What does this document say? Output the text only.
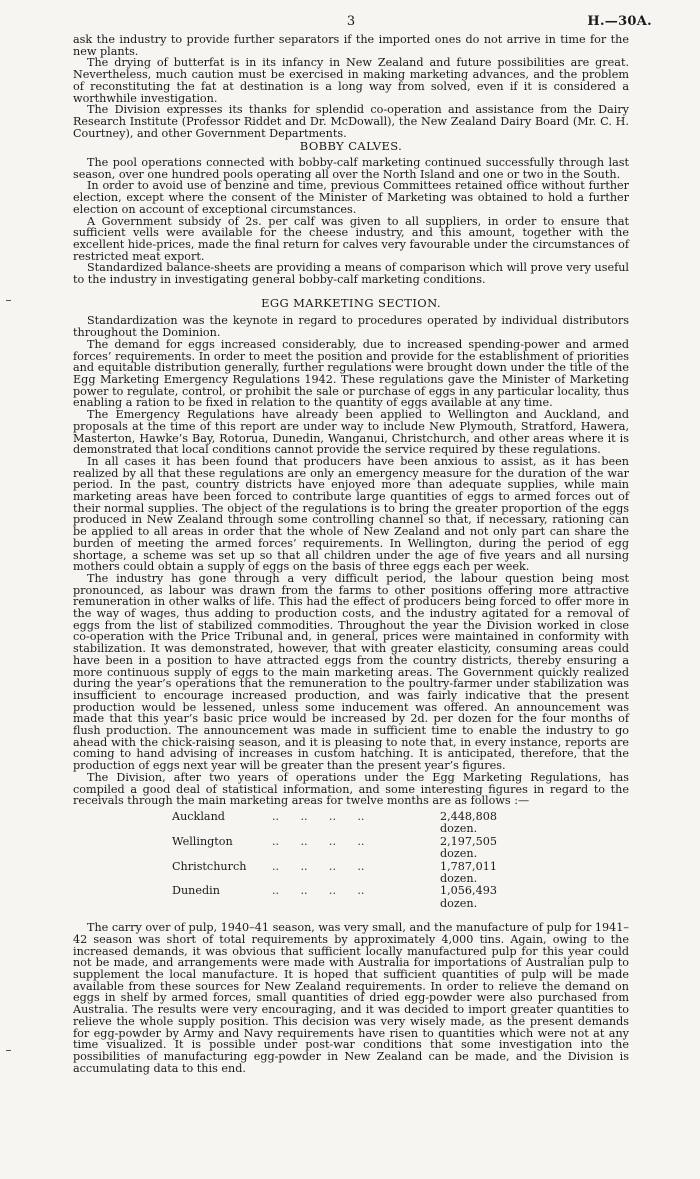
3	H.—30A.

ask the industry to provide further separators if the imported ones do not arrive in time for the new plants.

The drying of butterfat is in its infancy in New Zealand and future possibilities are great. Nevertheless, much caution must be exercised in making marketing advances, and the problem of reconstituting the fat at destination is a long way from solved, even if it is considered a worthwhile investigation.

The Division expresses its thanks for splendid co-operation and assistance from the Dairy Research Institute (Professor Riddet and Dr. McDowall), the New Zealand Dairy Board (Mr. C. H. Courtney), and other Government Departments.

BOBBY CALVES.

The pool operations connected with bobby-calf marketing continued successfully through last season, over one hundred pools operating all over the North Island and one or two in the South.

In order to avoid use of benzine and time, previous Committees retained office without further election, except where the consent of the Minister of Marketing was obtained to hold a further election on account of exceptional circumstances.

A Government subsidy of 2s. per calf was given to all suppliers, in order to ensure that sufficient vells were available for the cheese industry, and this amount, together with the excellent hide-prices, made the final return for calves very favourable under the circumstances of restricted meat export.

Standardized balance-sheets are providing a means of comparison which will prove very useful to the industry in investigating general bobby-calf marketing conditions.

EGG MARKETING SECTION.

Standardization was the keynote in regard to procedures operated by individual distributors throughout the Dominion.

The demand for eggs increased considerably, due to increased spending-power and armed forces’ requirements. In order to meet the position and provide for the establishment of priorities and equitable distribution generally, further regulations were brought down under the title of the Egg Marketing Emergency Regulations 1942. These regulations gave the Minister of Marketing power to regulate, control, or prohibit the sale or purchase of eggs in any particular locality, thus enabling a ration to be fixed in relation to the quantity of eggs available at any time.

The Emergency Regulations have already been applied to Wellington and Auckland, and proposals at the time of this report are under way to include New Plymouth, Stratford, Hawera, Masterton, Hawke’s Bay, Rotorua, Dunedin, Wanganui, Christchurch, and other areas where it is demonstrated that local conditions cannot provide the service required by these regulations.

In all cases it has been found that producers have been anxious to assist, as it has been realized by all that these regulations are only an emergency measure for the duration of the war period. In the past, country districts have enjoyed more than adequate supplies, while main marketing areas have been forced to contribute large quantities of eggs to armed forces out of their normal supplies. The object of the regulations is to bring the greater proportion of the eggs produced in New Zealand through some controlling channel so that, if necessary, rationing can be applied to all areas in order that the whole of New Zealand and not only part can share the burden of meeting the armed forces’ requirements. In Wellington, during the period of egg shortage, a scheme was set up so that all children under the age of five years and all nursing mothers could obtain a supply of eggs on the basis of three eggs each per week.

The industry has gone through a very difficult period, the labour question being most pronounced, as labour was drawn from the farms to other positions offering more attractive remuneration in other walks of life. This had the effect of producers being forced to offer more in the way of wages, thus adding to production costs, and the industry agitated for a removal of eggs from the list of stabilized commodities. Throughout the year the Division worked in close co-operation with the Price Tribunal and, in general, prices were maintained in conformity with stabilization. It was demonstrated, however, that with greater elasticity, consuming areas could have been in a position to have attracted eggs from the country districts, thereby ensuring a more continuous supply of eggs to the main marketing areas. The Government quickly realized during the year’s operations that the remuneration to the poultry-farmer under stabilization was insufficient to encourage increased production, and was fairly indicative that the present production would be lessened, unless some inducement was offered. An announcement was made that this year’s basic price would be increased by 2d. per dozen for the four months of flush production. The announcement was made in sufficient time to enable the industry to go ahead with the chick-raising season, and it is pleasing to note that, in every instance, reports are coming to hand advising of increases in custom hatching. It is anticipated, therefore, that the production of eggs next year will be greater than the present year’s figures.

The Division, after two years of operations under the Egg Marketing Regulations, has compiled a good deal of statistical information, and some interesting figures in regard to the receivals through the main marketing areas for twelve months are as follows :—

Auckland	..      ..      ..      ..	2,448,808 dozen.
Wellington	..      ..      ..      ..	2,197,505 dozen.
Christchurch	..      ..      ..      ..	1,787,011 dozen.
Dunedin	..      ..      ..      ..	1,056,493 dozen.

The carry over of pulp, 1940–41 season, was very small, and the manufacture of pulp for 1941–42 season was short of total requirements by approximately 4,000 tins. Again, owing to the increased demands, it was obvious that sufficient locally manufactured pulp for this year could not be made, and arrangements were made with Australia for importations of Australian pulp to supplement the local manufacture. It is hoped that sufficient quantities of pulp will be made available from these sources for New Zealand requirements. In order to relieve the demand on eggs in shelf by armed forces, small quantities of dried egg-powder were also purchased from Australia. The results were very encouraging, and it was decided to import greater quantities to relieve the whole supply position. This decision was very wisely made, as the present demands for egg-powder by Army and Navy requirements have risen to quantities which were not at any time visualized. It is possible under post-war conditions that some investigation into the possibilities of manufacturing egg-powder in New Zealand can be made, and the Division is accumulating data to this end.
